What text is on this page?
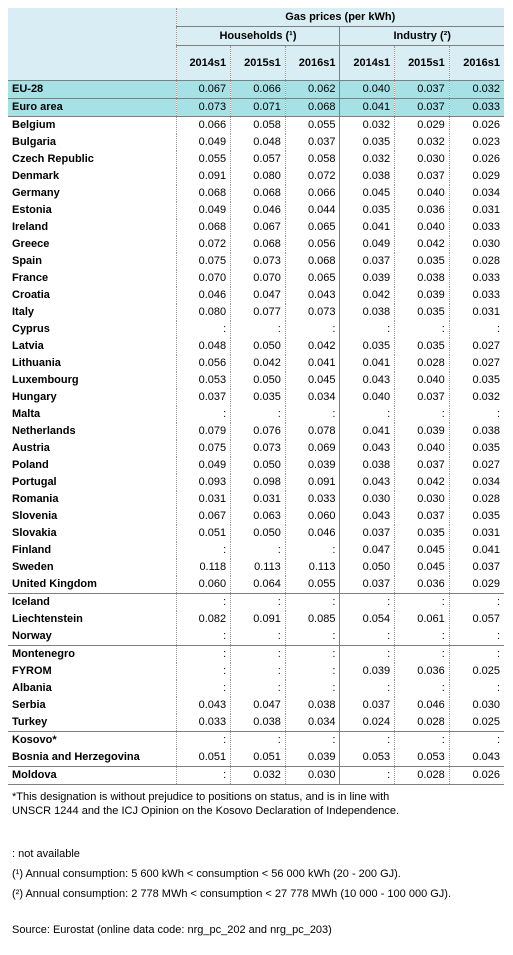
	Gas prices (per kWh)					
	Households (¹)			Industry (²)		
	2014s1	2015s1	2016s1	2014s1	2015s1	2016s1
EU-28	0.067	0.066	0.062	0.040	0.037	0.032
Euro area	0.073	0.071	0.068	0.041	0.037	0.033
Belgium	0.066	0.058	0.055	0.032	0.029	0.026
Bulgaria	0.049	0.048	0.037	0.035	0.032	0.023
Czech Republic	0.055	0.057	0.058	0.032	0.030	0.026
Denmark	0.091	0.080	0.072	0.038	0.037	0.029
Germany	0.068	0.068	0.066	0.045	0.040	0.034
Estonia	0.049	0.046	0.044	0.035	0.036	0.031
Ireland	0.068	0.067	0.065	0.041	0.040	0.033
Greece	0.072	0.068	0.056	0.049	0.042	0.030
Spain	0.075	0.073	0.068	0.037	0.035	0.028
France	0.070	0.070	0.065	0.039	0.038	0.033
Croatia	0.046	0.047	0.043	0.042	0.039	0.033
Italy	0.080	0.077	0.073	0.038	0.035	0.031
Cyprus	:	:	:	:	:	:
Latvia	0.048	0.050	0.042	0.035	0.035	0.027
Lithuania	0.056	0.042	0.041	0.041	0.028	0.027
Luxembourg	0.053	0.050	0.045	0.043	0.040	0.035
Hungary	0.037	0.035	0.034	0.040	0.037	0.032
Malta	:	:	:	:	:	:
Netherlands	0.079	0.076	0.078	0.041	0.039	0.038
Austria	0.075	0.073	0.069	0.043	0.040	0.035
Poland	0.049	0.050	0.039	0.038	0.037	0.027
Portugal	0.093	0.098	0.091	0.043	0.042	0.034
Romania	0.031	0.031	0.033	0.030	0.030	0.028
Slovenia	0.067	0.063	0.060	0.043	0.037	0.035
Slovakia	0.051	0.050	0.046	0.037	0.035	0.031
Finland	:	:	:	0.047	0.045	0.041
Sweden	0.118	0.113	0.113	0.050	0.045	0.037
United Kingdom	0.060	0.064	0.055	0.037	0.036	0.029
Iceland	:	:	:	:	:	:
Liechtenstein	0.082	0.091	0.085	0.054	0.061	0.057
Norway	:	:	:	:	:	:
Montenegro	:	:	:	:	:	:
FYROM	:	:	:	0.039	0.036	0.025
Albania	:	:	:	:	:	:
Serbia	0.043	0.047	0.038	0.037	0.046	0.030
Turkey	0.033	0.038	0.034	0.024	0.028	0.025
Kosovo*	:	:	:	:	:	:
Bosnia and Herzegovina	0.051	0.051	0.039	0.053	0.053	0.043
Moldova	:	0.032	0.030	:	0.028	0.026

*This designation is without prejudice to positions on status, and is in line with

UNSCR 1244 and the ICJ Opinion on the Kosovo Declaration of Independence.

: not available

(¹) Annual consumption: 5 600 kWh < consumption < 56 000 kWh (20 - 200 GJ).

(²) Annual consumption: 2 778 MWh < consumption < 27 778 MWh (10 000 - 100 000 GJ).

Source: Eurostat (online data code: nrg_pc_202 and nrg_pc_203)
